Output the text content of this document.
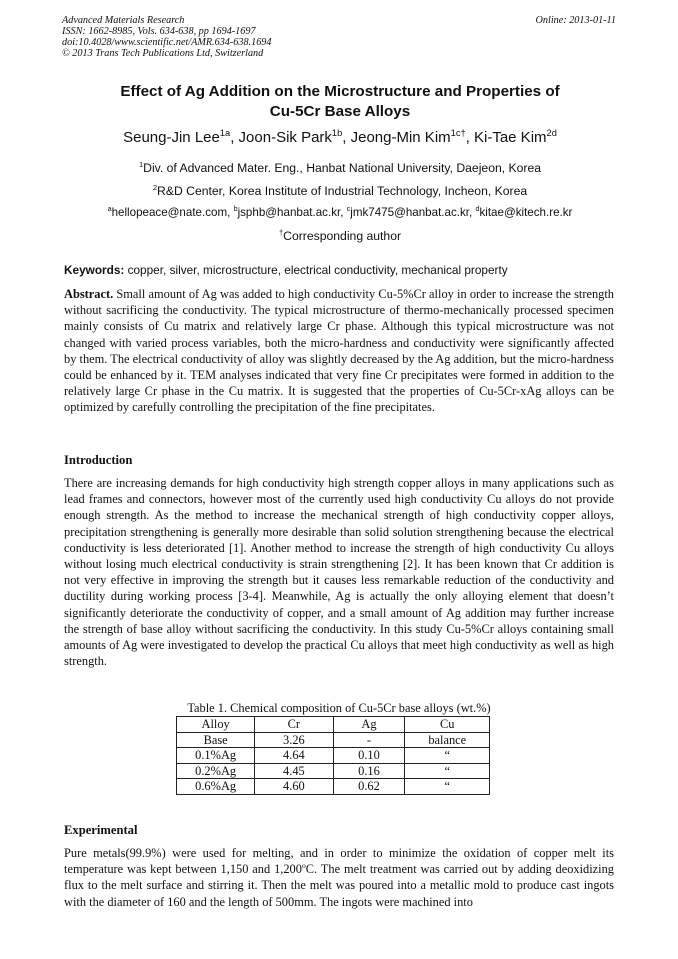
Advanced Materials Research
ISSN: 1662-8985, Vols. 634-638, pp 1694-1697
doi:10.4028/www.scientific.net/AMR.634-638.1694
© 2013 Trans Tech Publications Ltd, Switzerland
Online: 2013-01-11
Effect of Ag Addition on the Microstructure and Properties of
Cu-5Cr Base Alloys
Seung-Jin Lee$^{1a}$, Joon-Sik Park$^{1b}$, Jeong-Min Kim$^{1c\dagger}$, Ki-Tae Kim$^{2d}$
$^1$Div. of Advanced Mater. Eng., Hanbat National University, Daejeon, Korea
$^2$R&D Center, Korea Institute of Industrial Technology, Incheon, Korea
$^a$hellopeace@nate.com, $^b$jsphb@hanbat.ac.kr, $^c$jmk7475@hanbat.ac.kr, $^d$kitae@kitech.re.kr
†Corresponding author
Keywords: copper, silver, microstructure, electrical conductivity, mechanical property
Abstract. Small amount of Ag was added to high conductivity Cu-5%Cr alloy in order to increase the strength without sacrificing the conductivity. The typical microstructure of thermo-mechanically processed specimen mainly consists of Cu matrix and relatively large Cr phase. Although this typical microstructure was not changed with varied process variables, both the micro-hardness and conductivity were significantly affected by them. The electrical conductivity of alloy was slightly decreased by the Ag addition, but the micro-hardness could be enhanced by it. TEM analyses indicated that very fine Cr precipitates were formed in addition to the relatively large Cr phase in the Cu matrix. It is suggested that the properties of Cu-5Cr-xAg alloys can be optimized by carefully controlling the precipitation of the fine precipitates.
Introduction
There are increasing demands for high conductivity high strength copper alloys in many applications such as lead frames and connectors, however most of the currently used high conductivity Cu alloys do not provide enough strength. As the method to increase the mechanical strength of high conductivity copper alloys, precipitation strengthening is generally more desirable than solid solution strengthening because the electrical conductivity is less deteriorated [1]. Another method to increase the strength of high conductivity Cu alloys without losing much electrical conductivity is strain strengthening [2]. It has been known that Cr addition is not very effective in improving the strength but it causes less remarkable reduction of the conductivity and ductility during working process [3-4]. Meanwhile, Ag is actually the only alloying element that doesn’t significantly deteriorate the conductivity of copper, and a small amount of Ag addition may further increase the strength of base alloy without sacrificing the conductivity. In this study Cu-5%Cr alloys containing small amounts of Ag were investigated to develop the practical Cu alloys that meet high conductivity as well as high strength.
Table 1. Chemical composition of Cu-5Cr base alloys (wt.%)
Alloy	Cr	Ag	Cu
Base	3.26	-	balance
0.1%Ag	4.64	0.10	“
0.2%Ag	4.45	0.16	“
0.6%Ag	4.60	0.62	“
Experimental
Pure metals(99.9%) were used for melting, and in order to minimize the oxidation of copper melt its temperature was kept between 1,150 and 1,200$^o$C. The melt treatment was carried out by adding deoxidizing flux to the melt surface and stirring it. Then the melt was poured into a metallic mold to produce cast ingots with the diameter of 160 and the length of 500mm. The ingots were machined into
